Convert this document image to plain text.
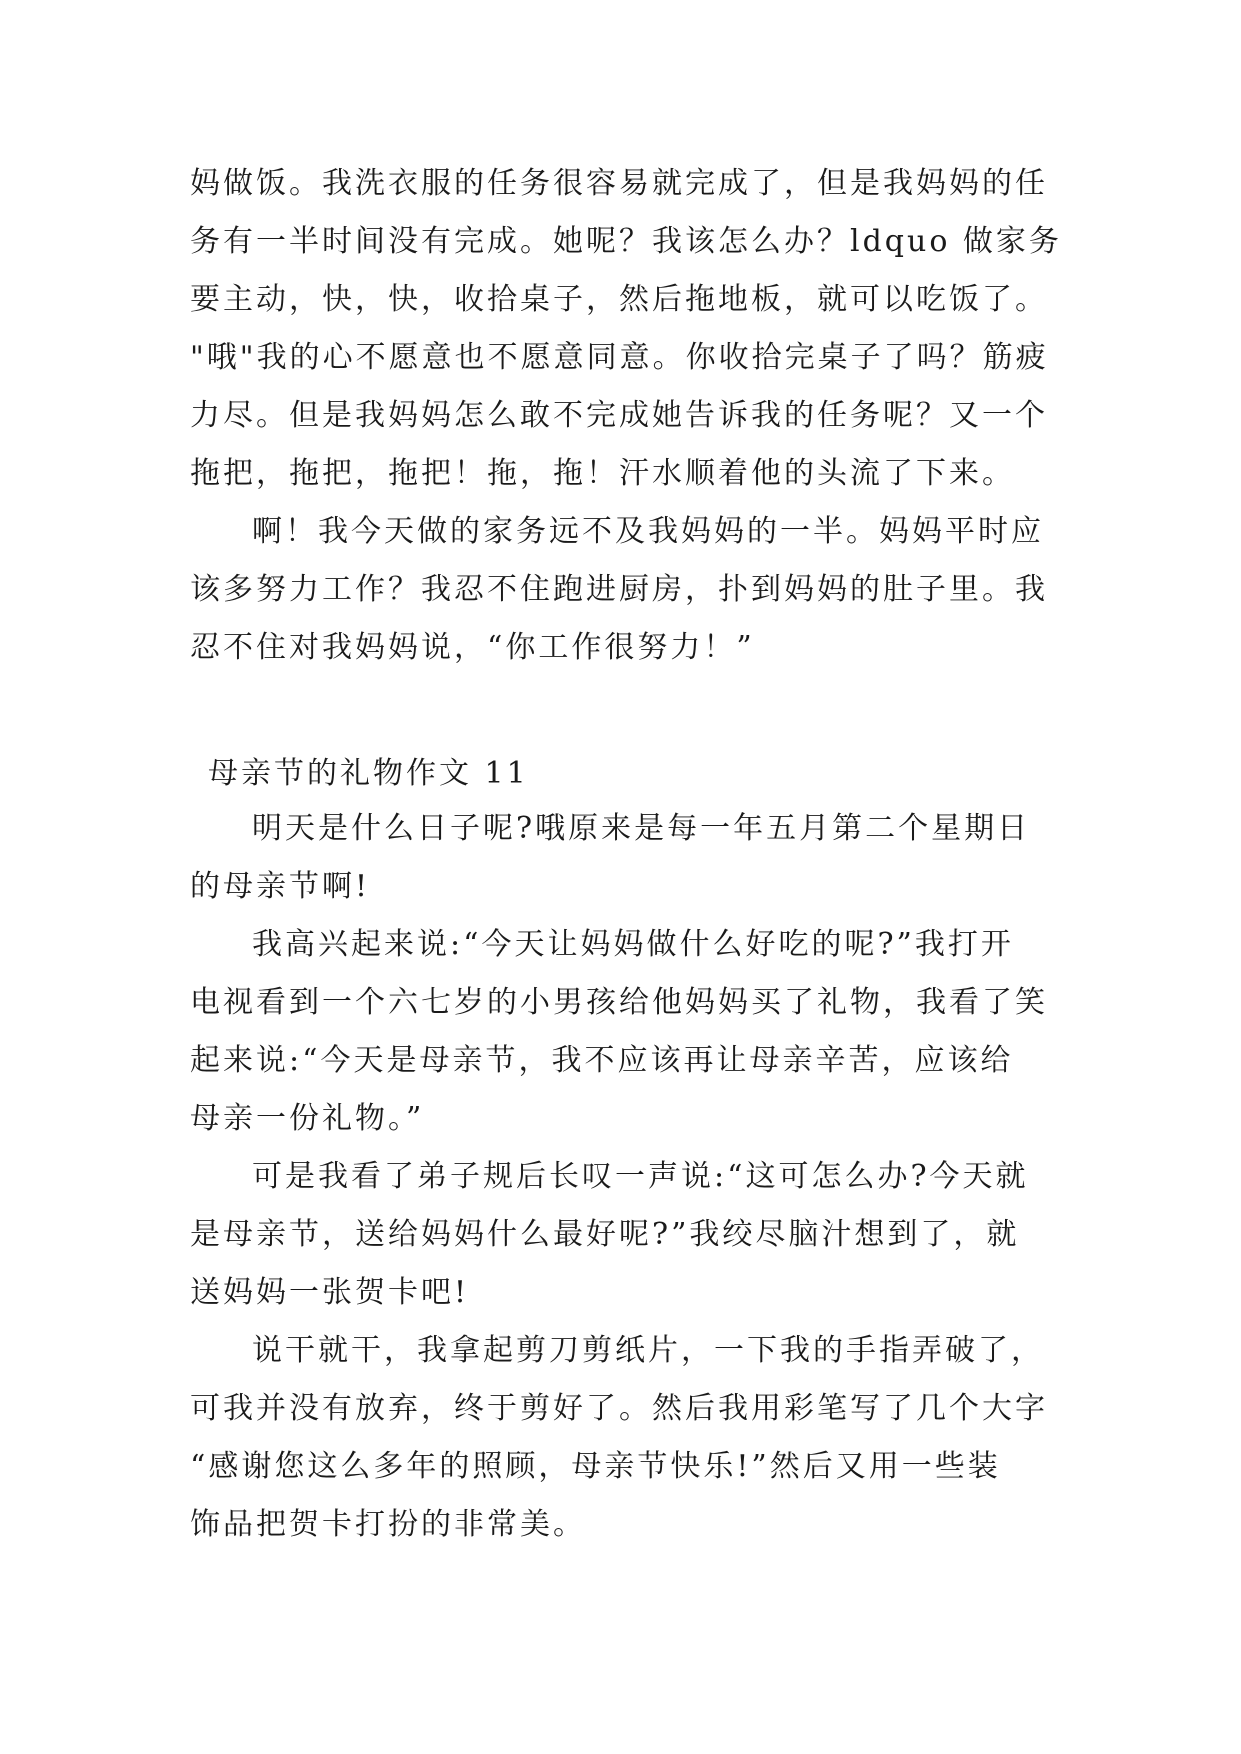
妈做饭。我洗衣服的任务很容易就完成了，但是我妈妈的任
务有一半时间没有完成。她呢？我该怎么办？ldquo 做家务
要主动，快，快，收拾桌子，然后拖地板，就可以吃饭了。
"哦"我的心不愿意也不愿意同意。你收拾完桌子了吗？筋疲
力尽。但是我妈妈怎么敢不完成她告诉我的任务呢？又一个
拖把，拖把，拖把！拖，拖！汗水顺着他的头流了下来。
啊！我今天做的家务远不及我妈妈的一半。妈妈平时应
该多努力工作？我忍不住跑进厨房，扑到妈妈的肚子里。我
忍不住对我妈妈说，“你工作很努力！”
母亲节的礼物作文 11
明天是什么日子呢?哦原来是每一年五月第二个星期日
的母亲节啊!
我高兴起来说:“今天让妈妈做什么好吃的呢?”我打开
电视看到一个六七岁的小男孩给他妈妈买了礼物，我看了笑
起来说:“今天是母亲节，我不应该再让母亲辛苦，应该给
母亲一份礼物。”
可是我看了弟子规后长叹一声说:“这可怎么办?今天就
是母亲节，送给妈妈什么最好呢?”我绞尽脑汁想到了，就
送妈妈一张贺卡吧!
说干就干，我拿起剪刀剪纸片，一下我的手指弄破了，
可我并没有放弃，终于剪好了。然后我用彩笔写了几个大字
“感谢您这么多年的照顾，母亲节快乐!”然后又用一些装
饰品把贺卡打扮的非常美。
